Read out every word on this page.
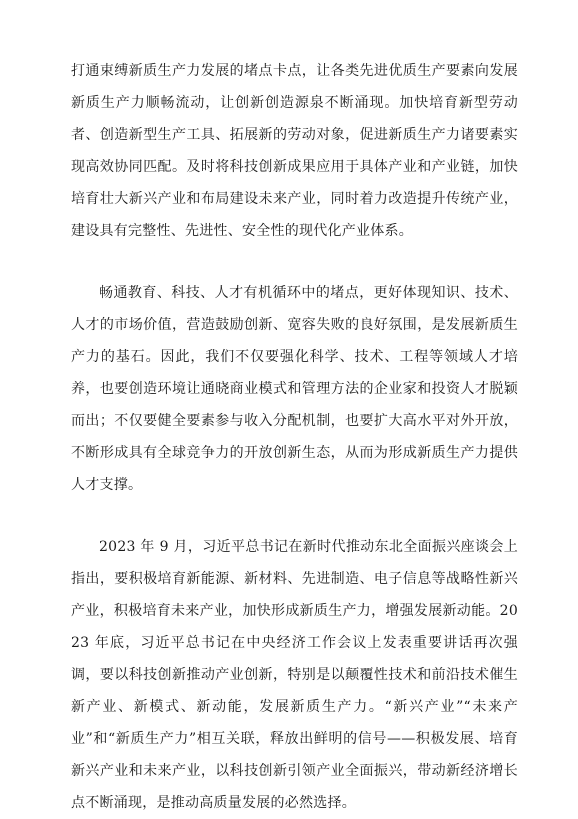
打通束缚新质生产力发展的堵点卡点，让各类先进优质生产要素向发展新质生产力顺畅流动，让创新创造源泉不断涌现。加快培育新型劳动者、创造新型生产工具、拓展新的劳动对象，促进新质生产力诸要素实现高效协同匹配。及时将科技创新成果应用于具体产业和产业链，加快培育壮大新兴产业和布局建设未来产业，同时着力改造提升传统产业，建设具有完整性、先进性、安全性的现代化产业体系。

畅通教育、科技、人才有机循环中的堵点，更好体现知识、技术、人才的市场价值，营造鼓励创新、宽容失败的良好氛围，是发展新质生产力的基石。因此，我们不仅要强化科学、技术、工程等领域人才培养，也要创造环境让通晓商业模式和管理方法的企业家和投资人才脱颖而出；不仅要健全要素参与收入分配机制，也要扩大高水平对外开放，不断形成具有全球竞争力的开放创新生态，从而为形成新质生产力提供人才支撑。

2023 年 9 月，习近平总书记在新时代推动东北全面振兴座谈会上指出，要积极培育新能源、新材料、先进制造、电子信息等战略性新兴产业，积极培育未来产业，加快形成新质生产力，增强发展新动能。2023 年底，习近平总书记在中央经济工作会议上发表重要讲话再次强调，要以科技创新推动产业创新，特别是以颠覆性技术和前沿技术催生新产业、新模式、新动能，发展新质生产力。“新兴产业”“未来产业”和“新质生产力”相互关联，释放出鲜明的信号——积极发展、培育新兴产业和未来产业，以科技创新引领产业全面振兴，带动新经济增长点不断涌现，是推动高质量发展的必然选择。
